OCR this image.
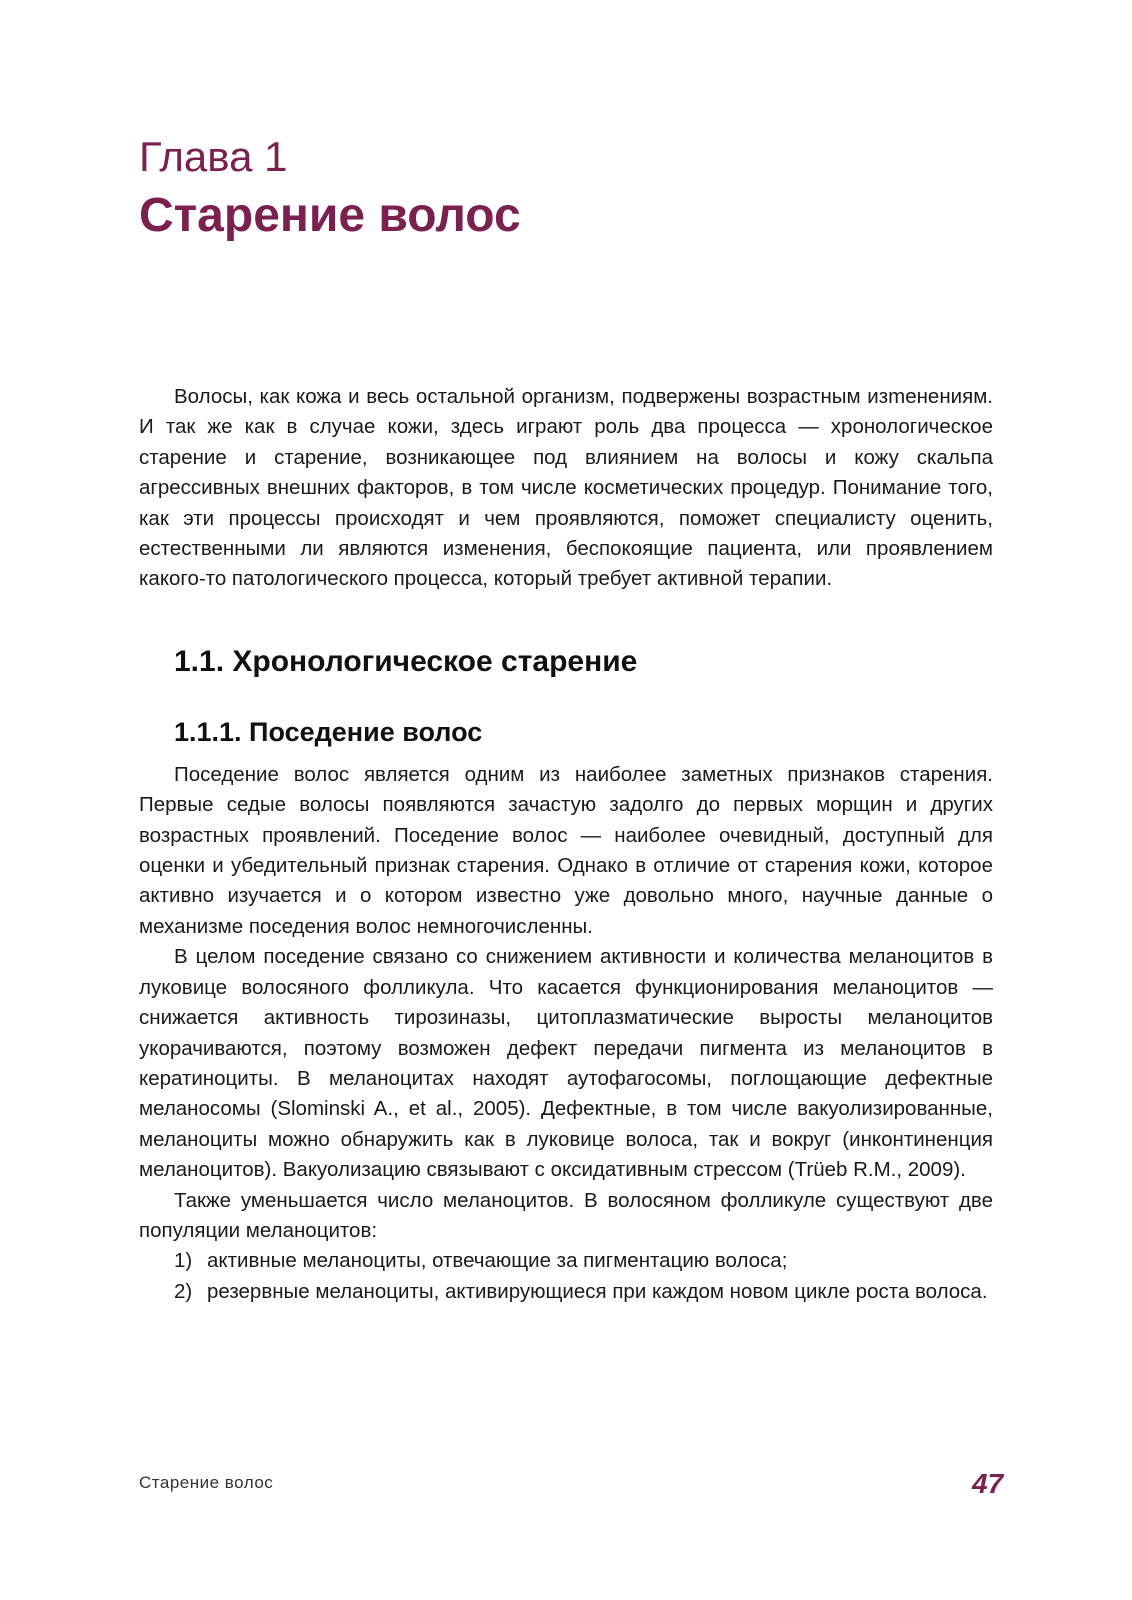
Глава 1
Старение волос

Волосы, как кожа и весь остальной организм, подвержены возрастным изmенениям. И так же как в случае кожи, здесь играют роль два процесса — хронологическое старение и старение, возникающее под влиянием на волосы и кожу скальпа агрессивных внешних факторов, в том числе косметических процедур. Понимание того, как эти процессы происходят и чем проявляются, поможет специалисту оценить, естественными ли являются изменения, беспокоящие пациента, или проявлением какого-то патологического процесса, который требует активной терапии.

1.1. Хронологическое старение

1.1.1. Поседение волос

Поседение волос является одним из наиболее заметных признаков старения. Первые седые волосы появляются зачастую задолго до первых морщин и других возрастных проявлений. Поседение волос — наиболее очевидный, доступный для оценки и убедительный признак старения. Однако в отличие от старения кожи, которое активно изучается и о котором известно уже довольно много, научные данные о механизме поседения волос немногочисленны.

В целом поседение связано со снижением активности и количества меланоцитов в луковице волосяного фолликула. Что касается функционирования меланоцитов — снижается активность тирозиназы, цитоплазматические выросты меланоцитов укорачиваются, поэтому возможен дефект передачи пигмента из меланоцитов в кератиноциты. В меланоцитах находят аутофагосомы, поглощающие дефектные меланосомы (Slominski A., et al., 2005). Дефектные, в том числе вакуолизированные, меланоциты можно обнаружить как в луковице волоса, так и вокруг (инконтиненция меланоцитов). Вакуолизацию связывают с оксидативным стрессом (Trüeb R.M., 2009).

Также уменьшается число меланоцитов. В волосяном фолликуле существуют две популяции меланоцитов:

1) активные меланоциты, отвечающие за пигментацию волоса;
2) резервные меланоциты, активирующиеся при каждом новом цикле роста волоса.
Старение волос	47
